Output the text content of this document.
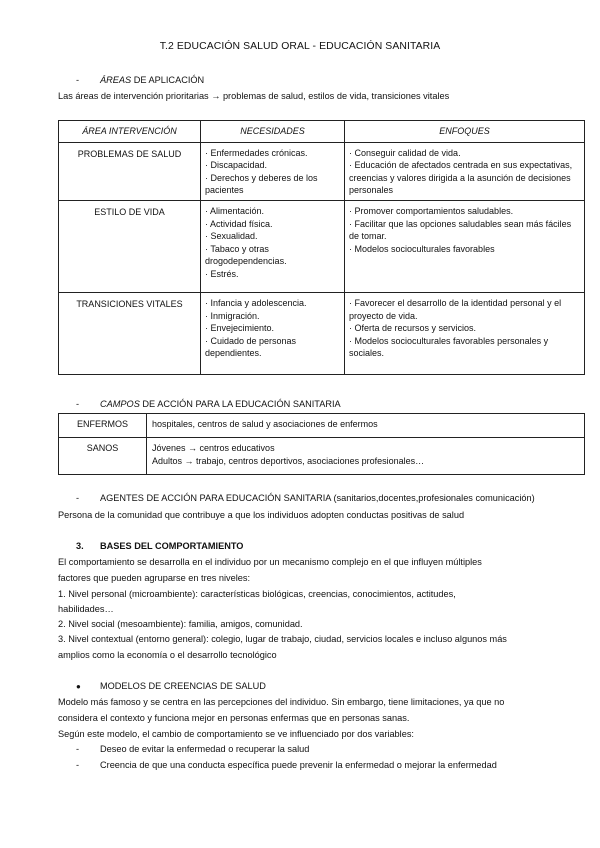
T.2 EDUCACIÓN SALUD ORAL - EDUCACIÓN SANITARIA
- ÁREAS DE APLICACIÓN
Las áreas de intervención prioritarias → problemas de salud, estilos de vida, transiciones vitales
ÁREA INTERVENCIÓN	NECESIDADES	ENFOQUES
PROBLEMAS DE SALUD	· Enfermedades crónicas.
· Discapacidad.
· Derechos y deberes de los pacientes	· Conseguir calidad de vida.
· Educación de afectados centrada en sus expectativas, creencias y valores dirigida a la asunción de decisiones personales

ESTILO DE VIDA	· Alimentación.
· Actividad física.
· Sexualidad.
· Tabaco y otras drogodependencias.
· Estrés.	· Promover comportamientos saludables.
· Facilitar que las opciones saludables sean más fáciles de tomar.
· Modelos socioculturales favorables

TRANSICIONES VITALES	· Infancia y adolescencia.
· Inmigración.
· Envejecimiento.
· Cuidado de personas dependientes.	· Favorecer el desarrollo de la identidad personal y el proyecto de vida.
· Oferta de recursos y servicios.
· Modelos socioculturales favorables personales y sociales.
- CAMPOS DE ACCIÓN PARA LA EDUCACIÓN SANITARIA
ENFERMOS	hospitales, centros de salud y asociaciones de enfermos

SANOS	Jóvenes → centros educativos
Adultos → trabajo, centros deportivos, asociaciones profesionales…
- AGENTES DE ACCIÓN PARA EDUCACIÓN SANITARIA (sanitarios,docentes,profesionales comunicación)
Persona de la comunidad que contribuye a que los individuos adopten conductas positivas de salud
3. BASES DEL COMPORTAMIENTO
El comportamiento se desarrolla en el individuo por un mecanismo complejo en el que influyen múltiples
factores que pueden agruparse en tres niveles:
1. Nivel personal (microambiente): características biológicas, creencias, conocimientos, actitudes,
habilidades…
2. Nivel social (mesoambiente): familia, amigos, comunidad.
3. Nivel contextual (entorno general): colegio, lugar de trabajo, ciudad, servicios locales e incluso algunos más
amplios como la economía o el desarrollo tecnológico
● MODELOS DE CREENCIAS DE SALUD
Modelo más famoso y se centra en las percepciones del individuo. Sin embargo, tiene limitaciones, ya que no
considera el contexto y funciona mejor en personas enfermas que en personas sanas.
Según este modelo, el cambio de comportamiento se ve influenciado por dos variables:
- Deseo de evitar la enfermedad o recuperar la salud
- Creencia de que una conducta específica puede prevenir la enfermedad o mejorar la enfermedad
